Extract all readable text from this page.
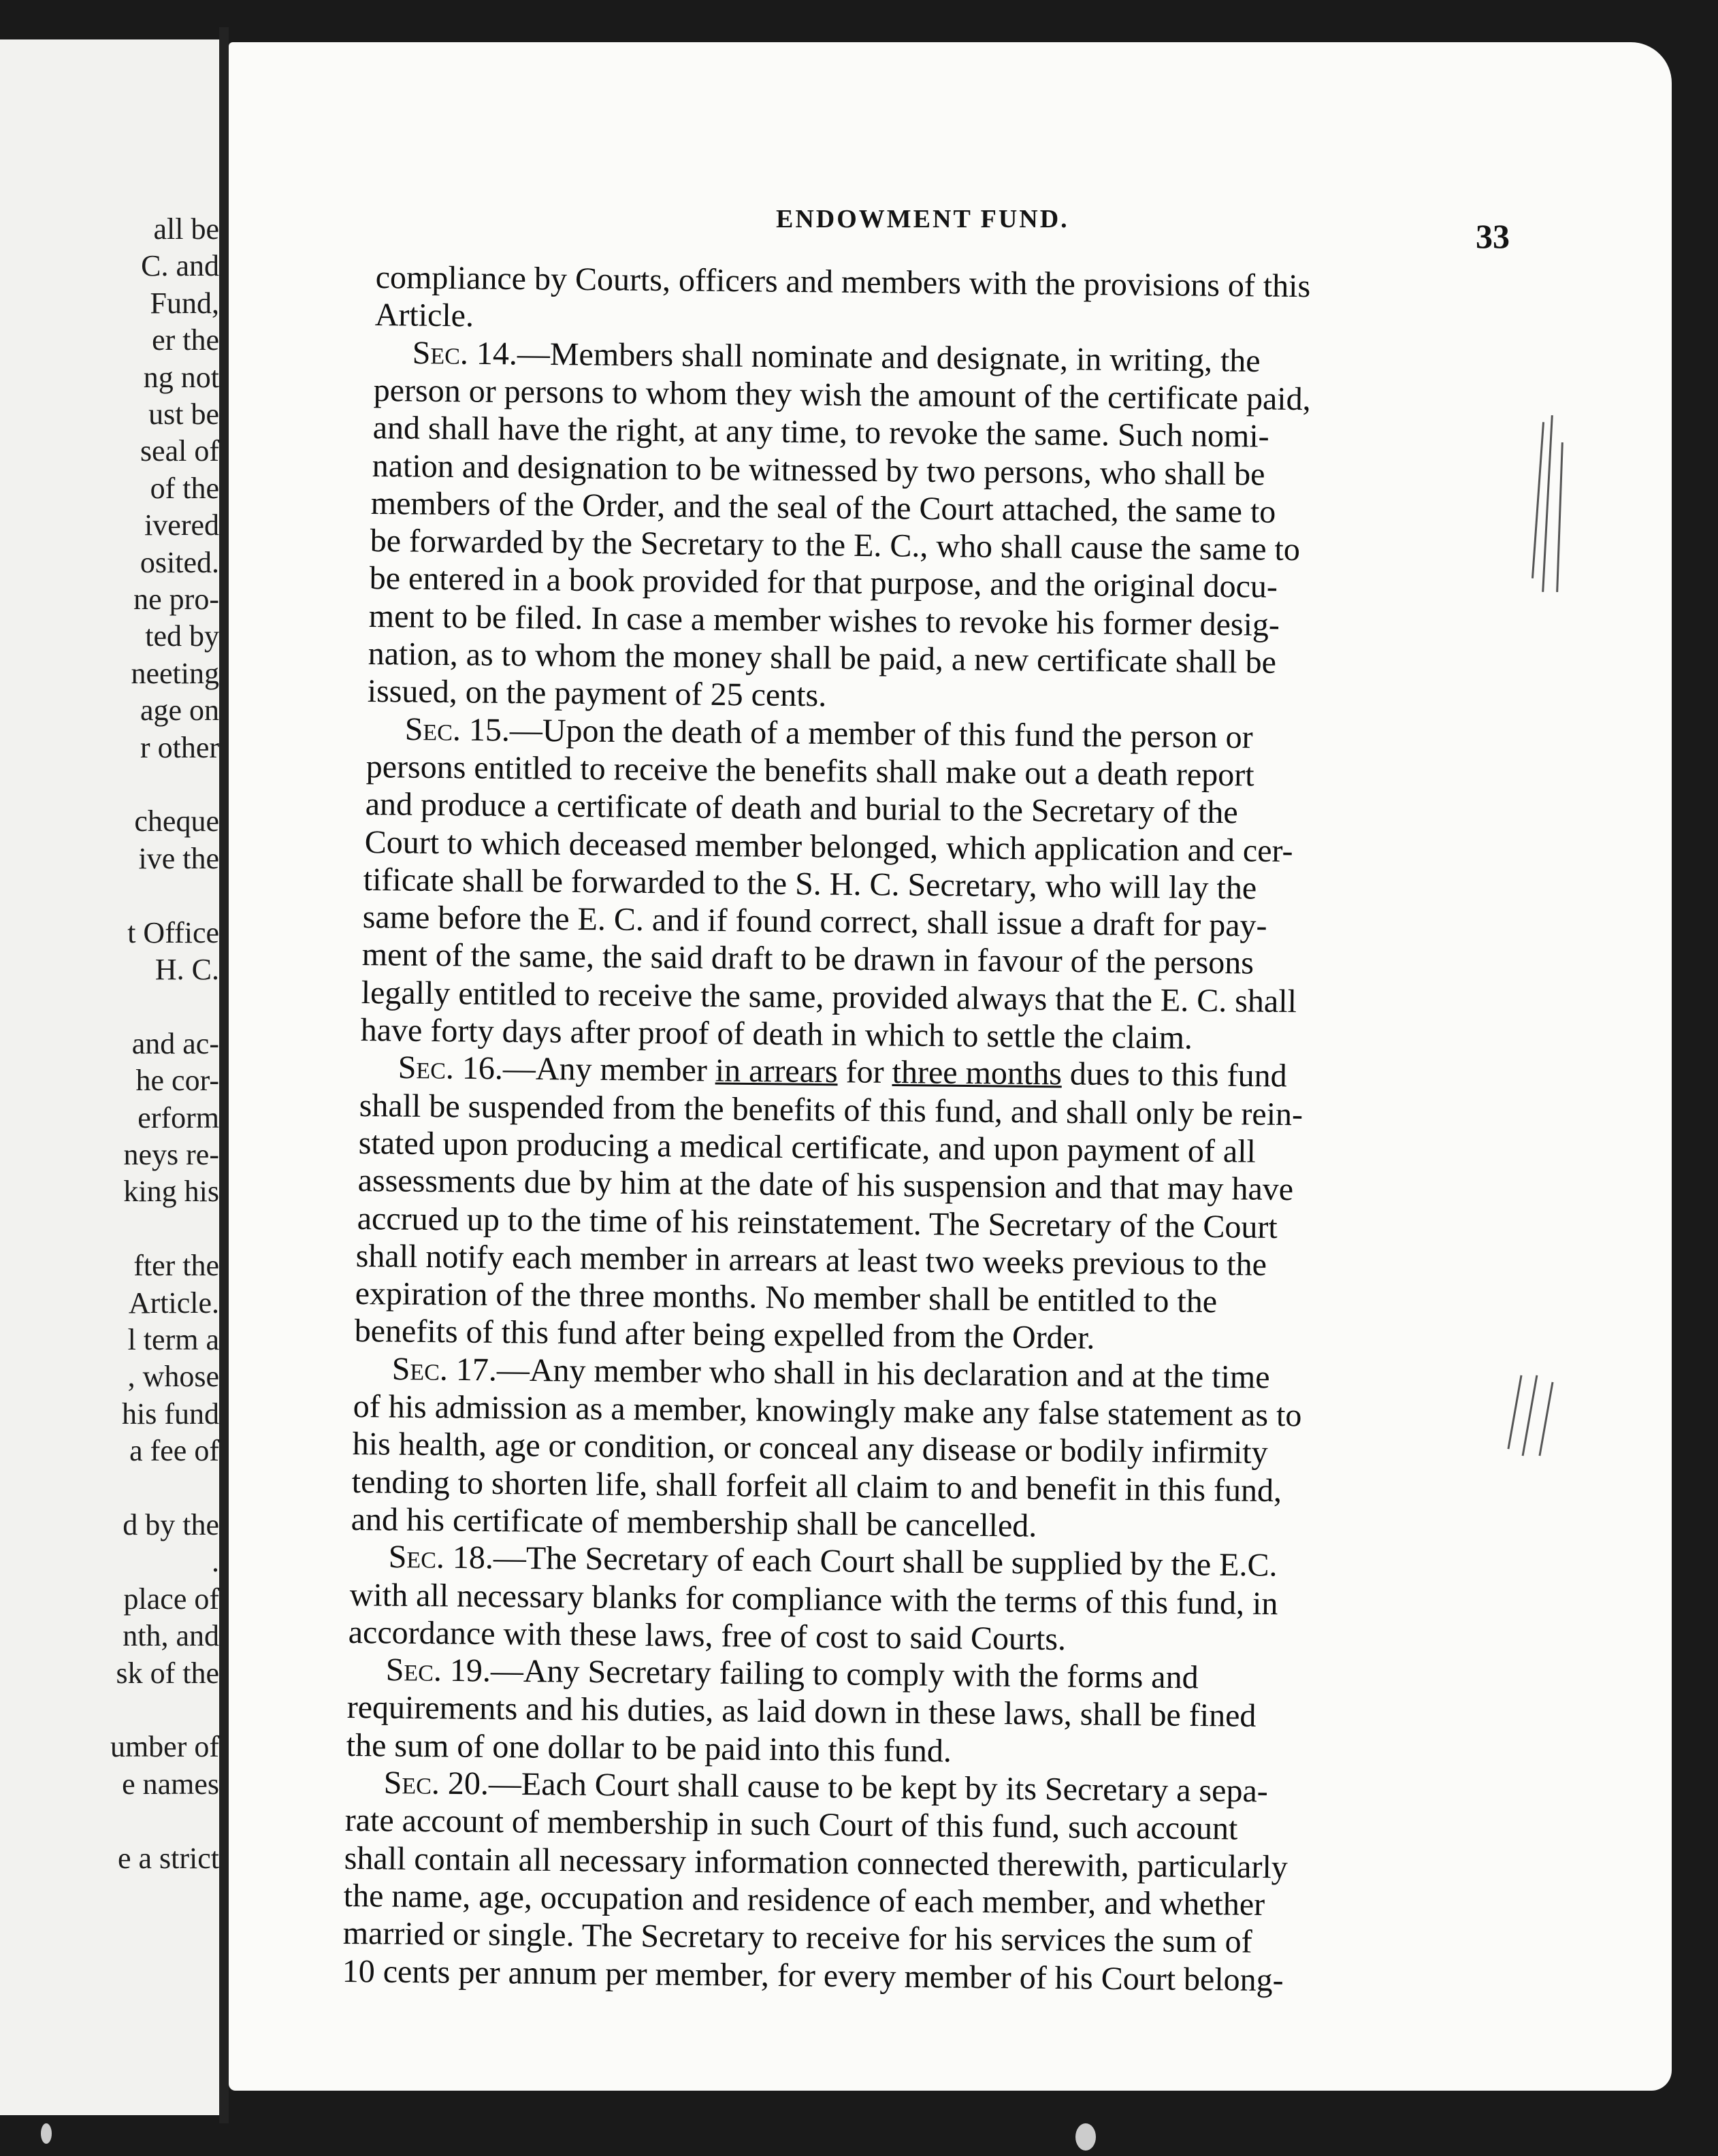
all be
C. and
Fund,
er the
ng not
ust be
seal of
of the
ivered
osited.
ne pro-
ted by
neeting
age on
r other
cheque
ive the
t Office
H. C.
and ac-
he cor-
erform
neys re-
king his
fter the
Article.
l term a
, whose
his fund
a fee of
d by the
.
place of
nth, and
sk of the
umber of
e names
e a strict
ENDOWMENT FUND.	33
compliance by Courts, officers and members with the provisions of this
Article.
Sec. 14.—Members shall nominate and designate, in writing, the
person or persons to whom they wish the amount of the certificate paid,
and shall have the right, at any time, to revoke the same. Such nomi-
nation and designation to be witnessed by two persons, who shall be
members of the Order, and the seal of the Court attached, the same to
be forwarded by the Secretary to the E. C., who shall cause the same to
be entered in a book provided for that purpose, and the original docu-
ment to be filed. In case a member wishes to revoke his former desig-
nation, as to whom the money shall be paid, a new certificate shall be
issued, on the payment of 25 cents.
Sec. 15.—Upon the death of a member of this fund the person or
persons entitled to receive the benefits shall make out a death report
and produce a certificate of death and burial to the Secretary of the
Court to which deceased member belonged, which application and cer-
tificate shall be forwarded to the S. H. C. Secretary, who will lay the
same before the E. C. and if found correct, shall issue a draft for pay-
ment of the same, the said draft to be drawn in favour of the persons
legally entitled to receive the same, provided always that the E. C. shall
have forty days after proof of death in which to settle the claim.
Sec. 16.—Any member in arrears for three months dues to this fund
shall be suspended from the benefits of this fund, and shall only be rein-
stated upon producing a medical certificate, and upon payment of all
assessments due by him at the date of his suspension and that may have
accrued up to the time of his reinstatement. The Secretary of the Court
shall notify each member in arrears at least two weeks previous to the
expiration of the three months. No member shall be entitled to the
benefits of this fund after being expelled from the Order.
Sec. 17.—Any member who shall in his declaration and at the time
of his admission as a member, knowingly make any false statement as to
his health, age or condition, or conceal any disease or bodily infirmity
tending to shorten life, shall forfeit all claim to and benefit in this fund,
and his certificate of membership shall be cancelled.
Sec. 18.—The Secretary of each Court shall be supplied by the E.C.
with all necessary blanks for compliance with the terms of this fund, in
accordance with these laws, free of cost to said Courts.
Sec. 19.—Any Secretary failing to comply with the forms and
requirements and his duties, as laid down in these laws, shall be fined
the sum of one dollar to be paid into this fund.
Sec. 20.—Each Court shall cause to be kept by its Secretary a sepa-
rate account of membership in such Court of this fund, such account
shall contain all necessary information connected therewith, particularly
the name, age, occupation and residence of each member, and whether
married or single. The Secretary to receive for his services the sum of
10 cents per annum per member, for every member of his Court belong-
